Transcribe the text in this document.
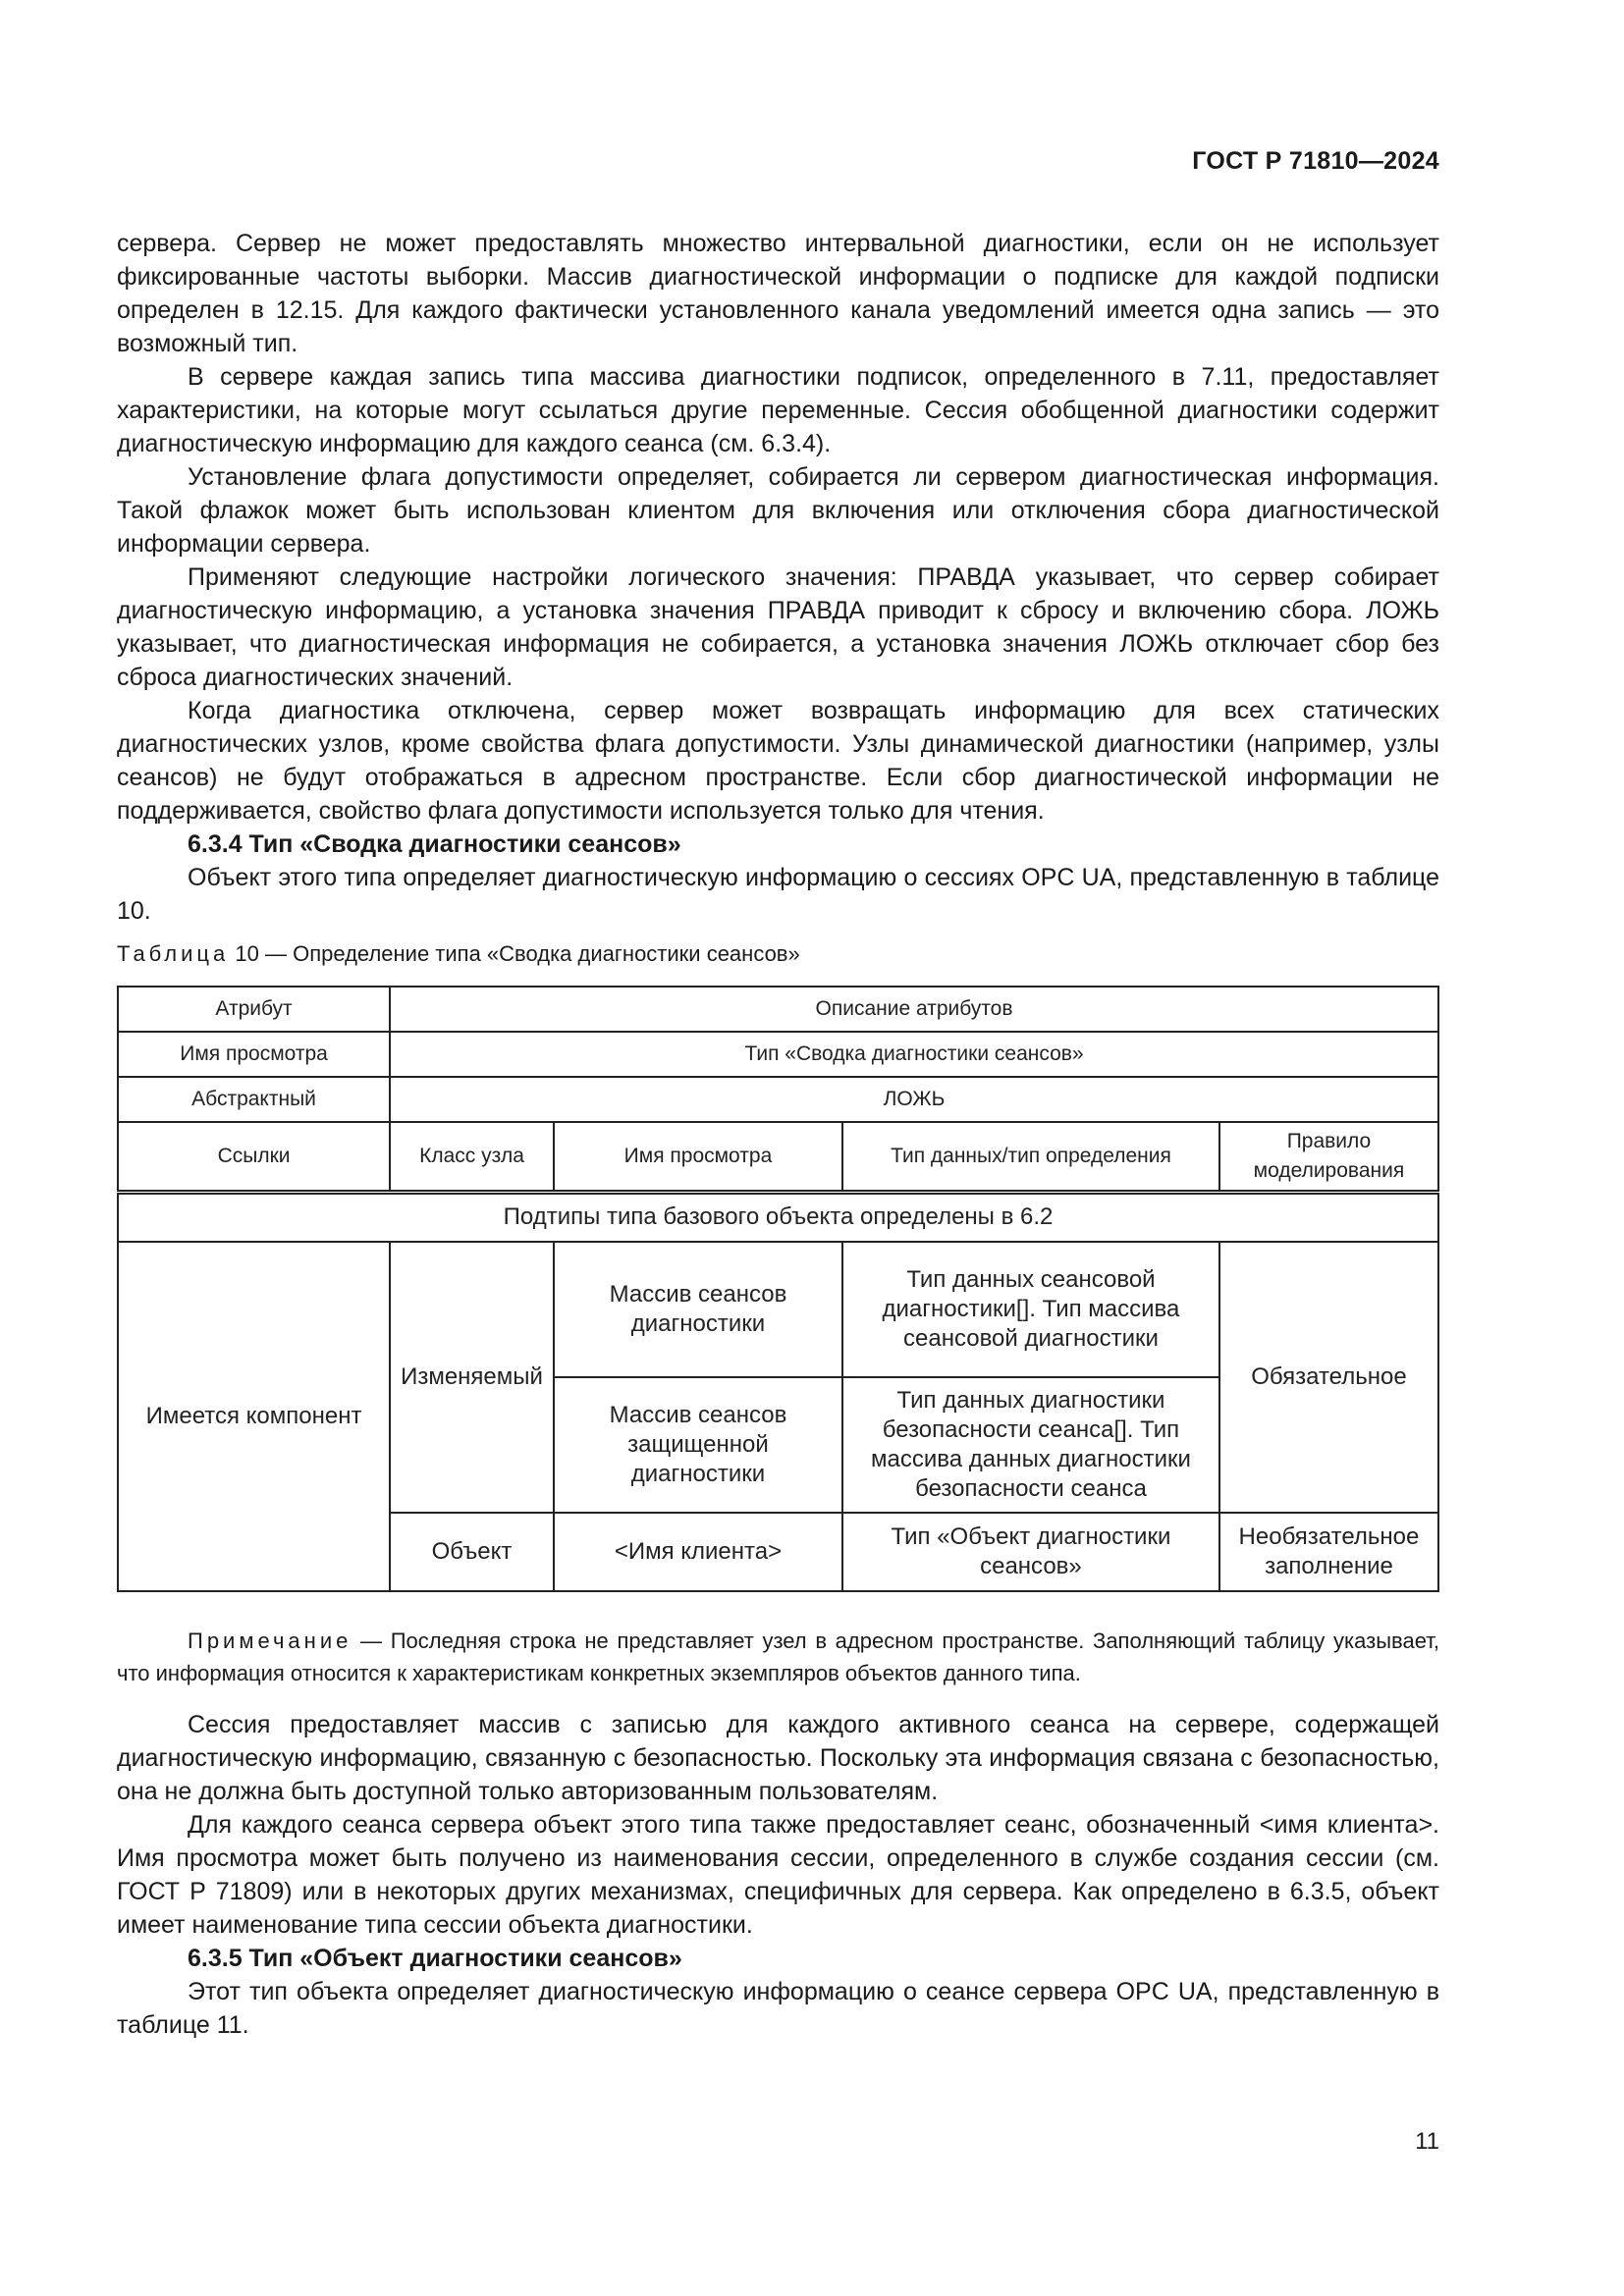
ГОСТ Р 71810—2024

сервера. Сервер не может предоставлять множество интервальной диагностики, если он не использует фиксированные частоты выборки. Массив диагностической информации о подписке для каждой подписки определен в 12.15. Для каждого фактически установленного канала уведомлений имеется одна запись — это возможный тип.

В сервере каждая запись типа массива диагностики подписок, определенного в 7.11, предоставляет характеристики, на которые могут ссылаться другие переменные. Сессия обобщенной диагностики содержит диагностическую информацию для каждого сеанса (см. 6.3.4).

Установление флага допустимости определяет, собирается ли сервером диагностическая информация. Такой флажок может быть использован клиентом для включения или отключения сбора диагностической информации сервера.

Применяют следующие настройки логического значения: ПРАВДА указывает, что сервер собирает диагностическую информацию, а установка значения ПРАВДА приводит к сбросу и включению сбора. ЛОЖЬ указывает, что диагностическая информация не собирается, а установка значения ЛОЖЬ отключает сбор без сброса диагностических значений.

Когда диагностика отключена, сервер может возвращать информацию для всех статических диагностических узлов, кроме свойства флага допустимости. Узлы динамической диагностики (например, узлы сеансов) не будут отображаться в адресном пространстве. Если сбор диагностической информации не поддерживается, свойство флага допустимости используется только для чтения.

6.3.4 Тип «Сводка диагностики сеансов»

Объект этого типа определяет диагностическую информацию о сессиях OPC UA, представленную в таблице 10.

Таблица 10 — Определение типа «Сводка диагностики сеансов»
Атрибут	Описание атрибутов			
Имя просмотра	Тип «Сводка диагностики сеансов»			
Абстрактный	ЛОЖЬ			
Ссылки	Класс узла	Имя просмотра	Тип данных/тип определения	Правило моделирования
Подтипы типа базового объекта определены в 6.2				
Имеется компонент	Изменяемый	Массив сеансов диагностики	Тип данных сеансовой диагностики[]. Тип массива сеансовой диагностики	Обязательное
		Массив сеансов защищенной диагностики	Тип данных диагностики безопасности сеанса[]. Тип массива данных диагностики безопасности сеанса	
	Объект	<Имя клиента>	Тип «Объект диагностики сеансов»	Необязательное заполнение
Примечание — Последняя строка не представляет узел в адресном пространстве. Заполняющий таблицу указывает, что информация относится к характеристикам конкретных экземпляров объектов данного типа.

Сессия предоставляет массив с записью для каждого активного сеанса на сервере, содержащей диагностическую информацию, связанную с безопасностью. Поскольку эта информация связана с безопасностью, она не должна быть доступной только авторизованным пользователям.

Для каждого сеанса сервера объект этого типа также предоставляет сеанс, обозначенный <имя клиента>. Имя просмотра может быть получено из наименования сессии, определенного в службе создания сессии (см. ГОСТ Р 71809) или в некоторых других механизмах, специфичных для сервера. Как определено в 6.3.5, объект имеет наименование типа сессии объекта диагностики.

6.3.5 Тип «Объект диагностики сеансов»

Этот тип объекта определяет диагностическую информацию о сеансе сервера OPC UA, представленную в таблице 11.

11
